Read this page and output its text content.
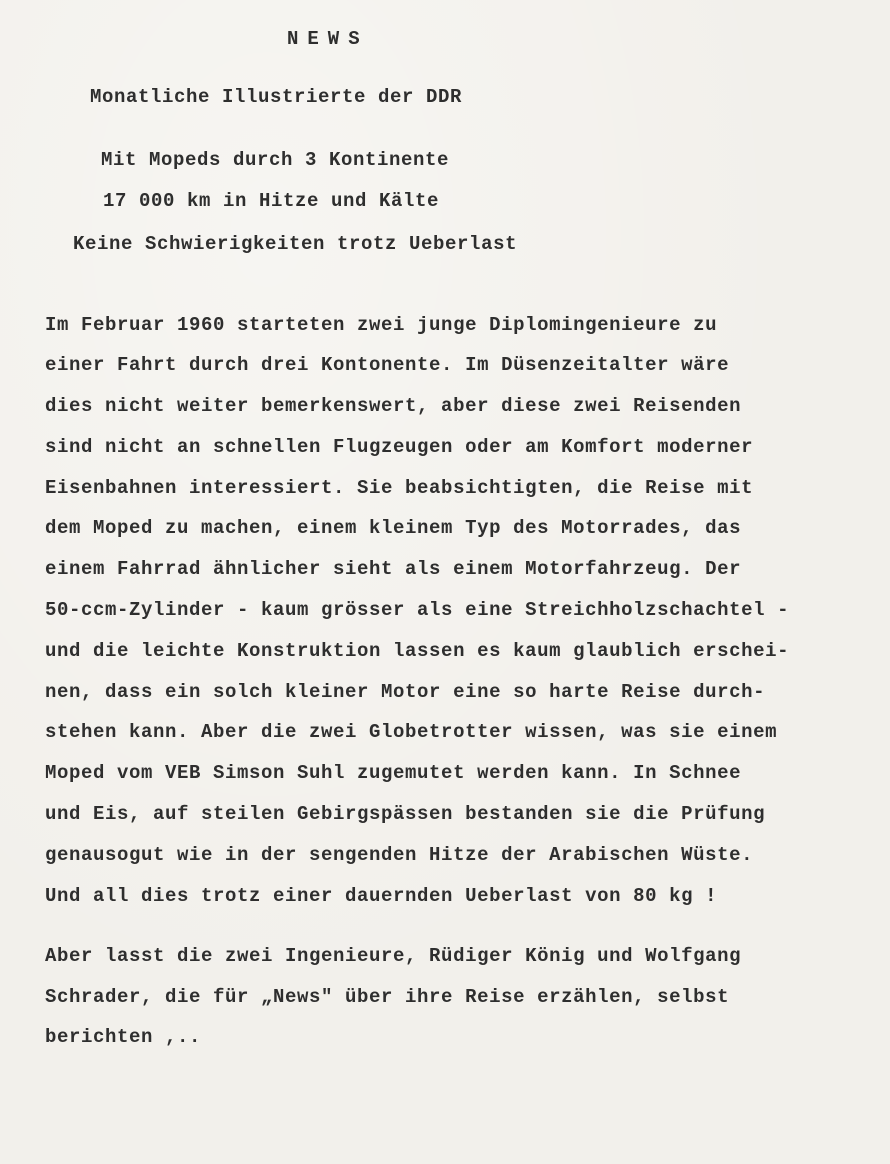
NEWS
Monatliche Illustrierte der DDR
Mit Mopeds durch 3 Kontinente
17 000 km in Hitze und Kälte
Keine Schwierigkeiten trotz Ueberlast
Im Februar 1960 starteten zwei junge Diplomingenieure zu
einer Fahrt durch drei Kontonente. Im Düsenzeitalter wäre
dies nicht weiter bemerkenswert, aber diese zwei Reisenden
sind nicht an schnellen Flugzeugen oder am Komfort moderner
Eisenbahnen interessiert. Sie beabsichtigten, die Reise mit
dem Moped zu machen, einem kleinem Typ des Motorrades, das
einem Fahrrad ähnlicher sieht als einem Motorfahrzeug. Der
50-ccm-Zylinder - kaum grösser als eine Streichholzschachtel -
und die leichte Konstruktion lassen es kaum glaublich erschei-
nen, dass ein solch kleiner Motor eine so harte Reise durch-
stehen kann. Aber die zwei Globetrotter wissen, was sie einem
Moped vom VEB Simson Suhl zugemutet werden kann. In Schnee
und Eis, auf steilen Gebirgspässen bestanden sie die Prüfung
genausogut wie in der sengenden Hitze der Arabischen Wüste.
Und all dies trotz einer dauernden Ueberlast von 80 kg !
Aber lasst die zwei Ingenieure, Rüdiger König und Wolfgang
Schrader, die für „News" über ihre Reise erzählen, selbst
berichten ,..
